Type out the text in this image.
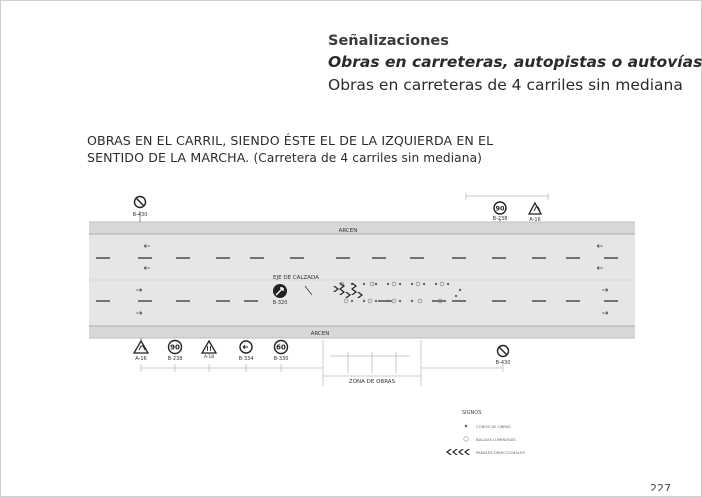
Señalizaciones
Obras en carreteras, autopistas o autovías
Obras en carreteras de 4 carriles sin mediana
OBRAS EN EL CARRIL, SIENDO ÉSTE EL DE LA IZQUIERDA EN EL
SENTIDO DE LA MARCHA. (Carretera de 4 carriles sin mediana)
ARCEN
ARCEN
EJE DE CALZADA
B-430
90
B-238	A-16
B-320
A-16
90
B-238	A-18	B-334
60
B-330
B-430
ZONA DE OBRAS
SIGNOS
CONOS DE OBRAS
BALIZAS LUMINOSAS
PANELES DIRECCIONALES
227
